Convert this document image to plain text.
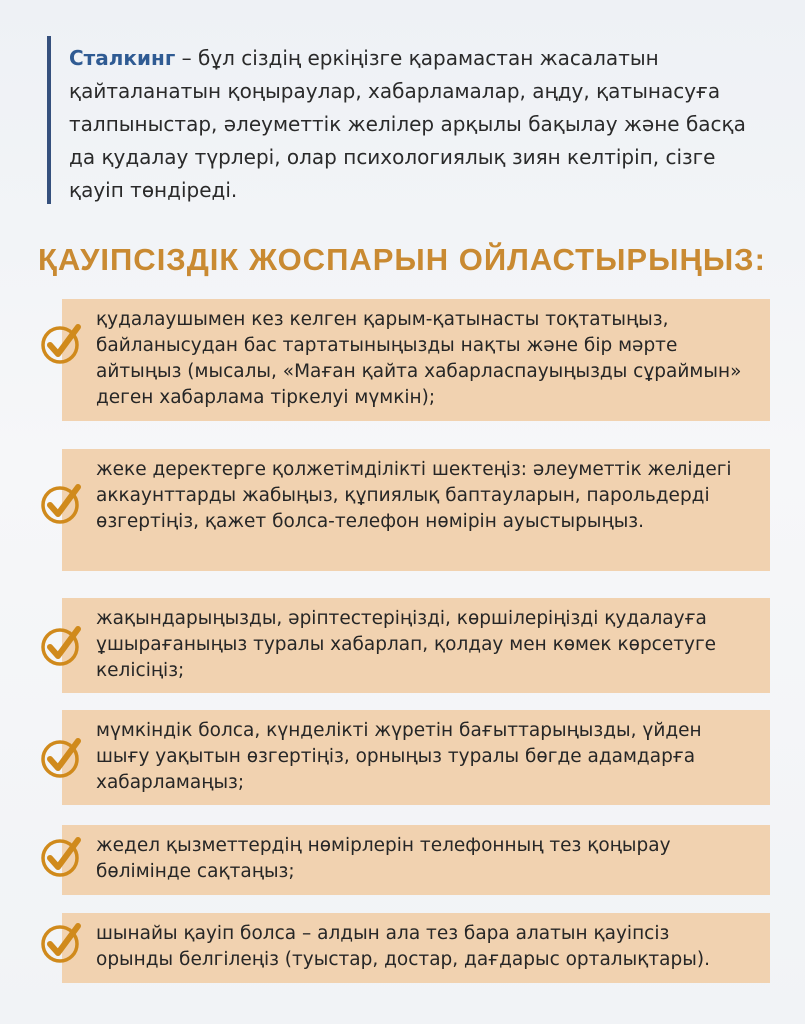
Сталкинг – бұл сіздің еркіңізге қарамастан жасалатын қайталанатын қоңыраулар, хабарламалар, аңду, қатынасуға талпыныстар, әлеуметтік желілер арқылы бақылау және басқа да қудалау түрлері, олар психологиялық зиян келтіріп, сізге қауіп төндіреді.
ҚАУІПСІЗДІК ЖОСПАРЫН ОЙЛАСТЫРЫҢЫЗ:
қудалаушымен кез келген қарым-қатынасты тоқтатыңыз, байланысудан бас тартатыныңызды нақты және бір мәрте айтыңыз (мысалы, «Маған қайта хабарласпауыңызды сұраймын» деген хабарлама тіркелуі мүмкін);
жеке деректерге қолжетімділікті шектеңіз: әлеуметтік желідегі аккаунттарды жабыңыз, құпиялық баптауларын, парольдерді өзгертіңіз, қажет болса-телефон нөмірін ауыстырыңыз.
жақындарыңызды, әріптестеріңізді, көршілеріңізді қудалауға ұшырағаныңыз туралы хабарлап, қолдау мен көмек көрсетуге келісіңіз;
мүмкіндік болса, күнделікті жүретін бағыттарыңызды, үйден шығу уақытын өзгертіңіз, орныңыз туралы бөгде адамдарға хабарламаңыз;
жедел қызметтердің нөмірлерін телефонның тез қоңырау бөлімінде сақтаңыз;
шынайы қауіп болса – алдын ала тез бара алатын қауіпсіз орынды белгілеңіз (туыстар, достар, дағдарыс орталықтары).
